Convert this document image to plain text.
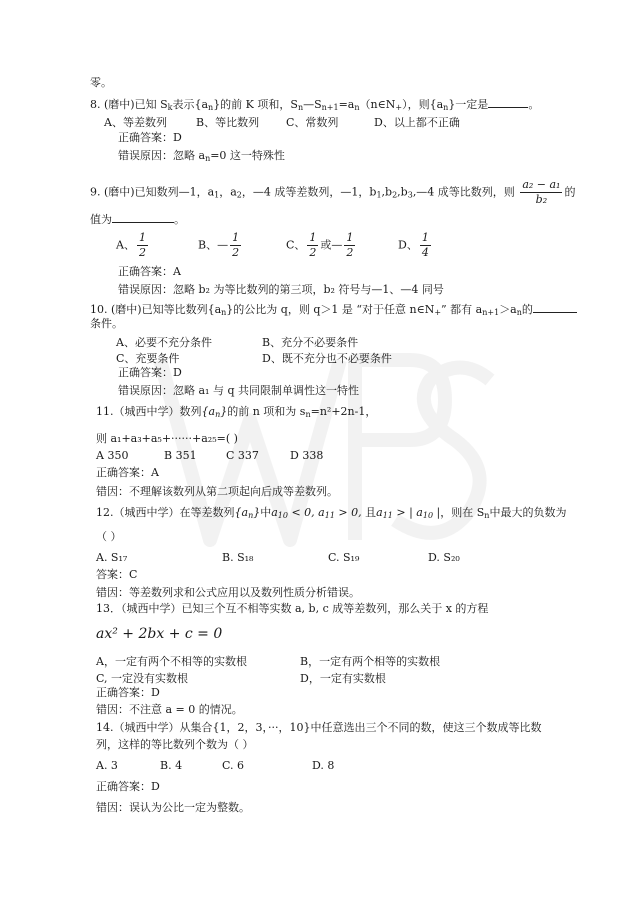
零。
8. (磨中)已知 $S_k$表示$\{a_n\}$的前 K 项和，$S_n—S_{n+1}=a_n(n\in N_+)$，则$\{a_n\}$一定是	。
A、等差数列	B、等比数列 C、常数列	D、以上都不正确
正确答案：D
错误原因：忽略 $a_n=0$ 这一特殊性
9. (磨中)已知数列—1，$a_1$，$a_2$，—4 成等差数列，—1，$b_1,b_2,b_3,—4$ 成等比数列，则 $\frac{\text{a₂ − a₁}}{\text{b₂}}$ 的
值为	。
A、 $\frac{1}{2}$	B、— $\frac{1}{2}$	C、 $\frac{1}{2}$ 或— $\frac{1}{2}$	D、 $\frac{1}{4}$
正确答案：A
错误原因：忽略 b₂ 为等比数列的第三项，b₂ 符号与—1、—4 同号
10. (磨中)已知等比数列$\{a_n\}$的公比为 q，则 q＞1 是 “对于任意 $n\in N_+$” 都有 $a_{n+1}>a_n$的
条件。
A、必要不充分条件	B、充分不必要条件
C、充要条件	D、既不充分也不必要条件
正确答案：D
错误原因：忽略 a₁ 与 q 共同限制单调性这一特性
11.（城西中学）数列$\{a_n\}$的前 n 项和为 $s_n=n^2+2n-1$，
则 a₁+a₃+a₅+······+a₂₅=( )
A 350	B 351	C 337	D 338
正确答案：A
错因：不理解该数列从第二项起向后成等差数列。
12.（城西中学）在等差数列$\{a_n\}$中$a_{10} < 0$, $a_{11} > 0$, 且$a_{11}$ > | $a_{10}$ |，则在 $S_n$中最大的负数为
（ ）
A. S₁₇	B. S₁₈	C. S₁₉	D. S₂₀
答案：C
错因：等差数列求和公式应用以及数列性质分析错误。
13．（城西中学）已知三个互不相等实数 a, b, c 成等差数列，那么关于 x 的方程
ax² + 2bx + c = 0
A，一定有两个不相等的实数根	B，一定有两个相等的实数根
C, 一定没有实数根	D，一定有实数根
正确答案：D
错因：不注意 a = 0 的情况。
14.（城西中学）从集合{1，2，3，···，10}中任意选出三个不同的数，使这三个数成等比数
列，这样的等比数列个数为（ ）
A. 3	B. 4	C. 6	D. 8
正确答案：D
错因：误认为公比一定为整数。
